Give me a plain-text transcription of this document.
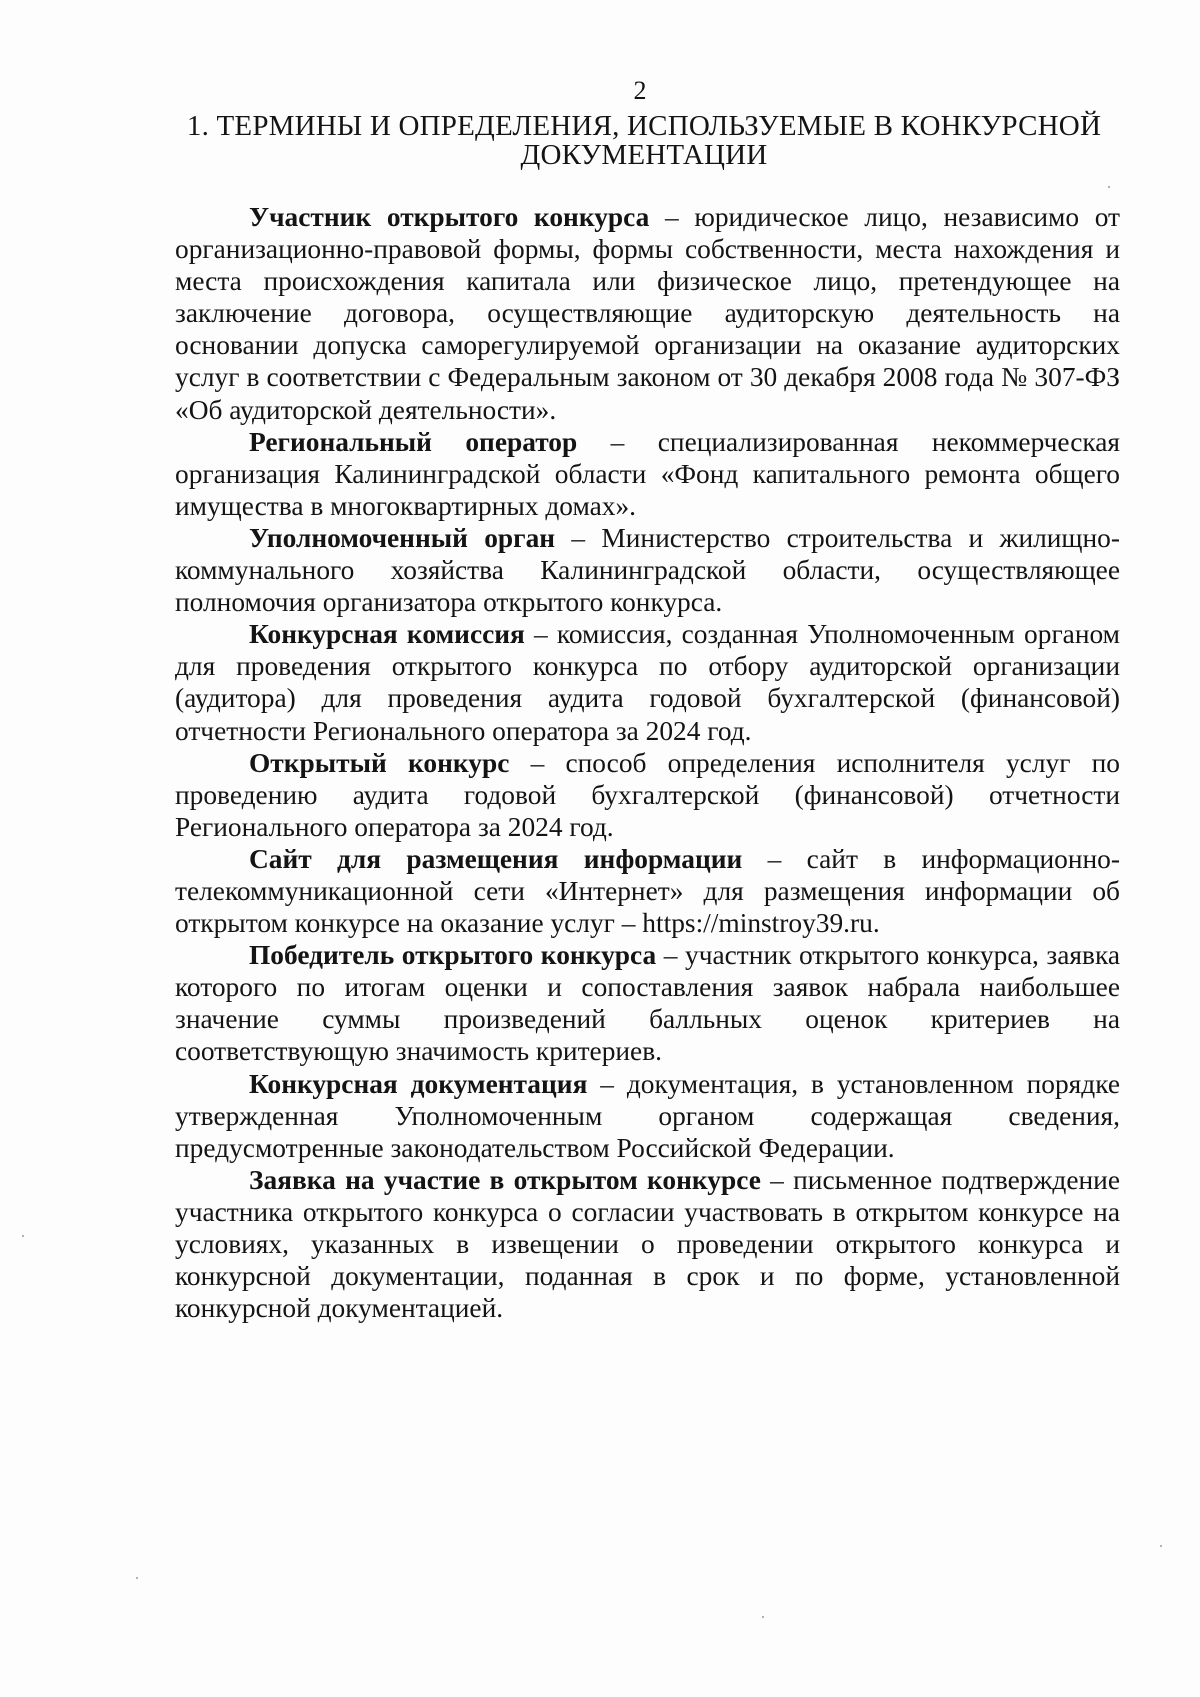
2
1. ТЕРМИНЫ И ОПРЕДЕЛЕНИЯ, ИСПОЛЬЗУЕМЫЕ В КОНКУРСНОЙ
ДОКУМЕНТАЦИИ

Участник открытого конкурса – юридическое лицо, независимо от организационно-правовой формы, формы собственности, места нахождения и места происхождения капитала или физическое лицо, претендующее на заключение договора, осуществляющие аудиторскую деятельность на основании допуска саморегулируемой организации на оказание аудиторских услуг в соответствии с Федеральным законом от 30 декабря 2008 года № 307-ФЗ «Об аудиторской деятельности».

Региональный оператор – специализированная некоммерческая организация Калининградской области «Фонд капитального ремонта общего имущества в многоквартирных домах».

Уполномоченный орган – Министерство строительства и жилищно-коммунального хозяйства Калининградской области, осуществляющее полномочия организатора открытого конкурса.

Конкурсная комиссия – комиссия, созданная Уполномоченным органом для проведения открытого конкурса по отбору аудиторской организации (аудитора) для проведения аудита годовой бухгалтерской (финансовой) отчетности Регионального оператора за 2024 год.

Открытый конкурс – способ определения исполнителя услуг по проведению аудита годовой бухгалтерской (финансовой) отчетности Регионального оператора за 2024 год.

Сайт для размещения информации – сайт в информационно-телекоммуникационной сети «Интернет» для размещения информации об открытом конкурсе на оказание услуг – https://minstroy39.ru.

Победитель открытого конкурса – участник открытого конкурса, заявка которого по итогам оценки и сопоставления заявок набрала наибольшее значение суммы произведений балльных оценок критериев на соответствующую значимость критериев.

Конкурсная документация – документация, в установленном порядке утвержденная Уполномоченным органом содержащая сведения, предусмотренные законодательством Российской Федерации.

Заявка на участие в открытом конкурсе – письменное подтверждение участника открытого конкурса о согласии участвовать в открытом конкурсе на условиях, указанных в извещении о проведении открытого конкурса и конкурсной документации, поданная в срок и по форме, установленной конкурсной документацией.
